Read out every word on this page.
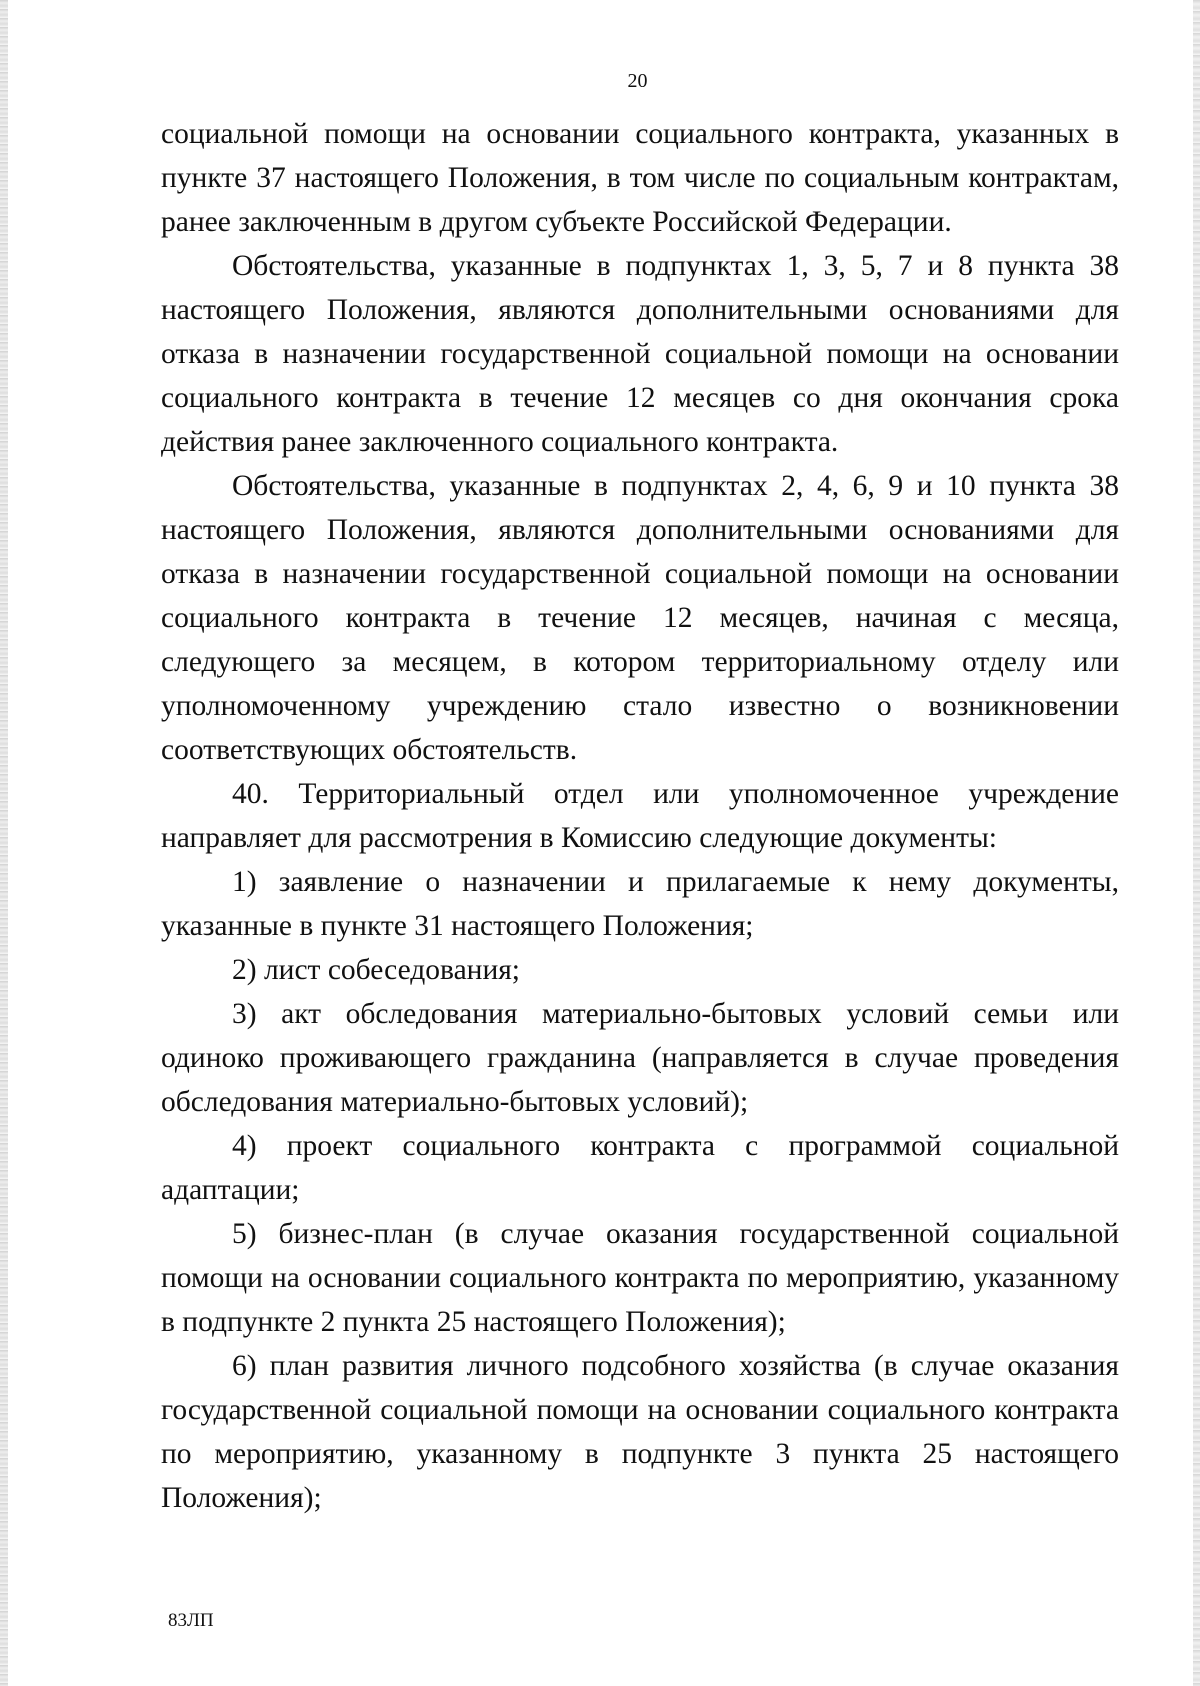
20

социальной помощи на основании социального контракта, указанных в пункте 37 настоящего Положения, в том числе по социальным контрактам, ранее заключенным в другом субъекте Российской Федерации.

Обстоятельства, указанные в подпунктах 1, 3, 5, 7 и 8 пункта 38 настоящего Положения, являются дополнительными основаниями для отказа в назначении государственной социальной помощи на основании социального контракта в течение 12 месяцев со дня окончания срока действия ранее заключенного социального контракта.

Обстоятельства, указанные в подпунктах 2, 4, 6, 9 и 10 пункта 38 настоящего Положения, являются дополнительными основаниями для отказа в назначении государственной социальной помощи на основании социального контракта в течение 12 месяцев, начиная с месяца, следующего за месяцем, в котором территориальному отделу или уполномоченному учреждению стало известно о возникновении соответствующих обстоятельств.

40. Территориальный отдел или уполномоченное учреждение направляет для рассмотрения в Комиссию следующие документы:

1) заявление о назначении и прилагаемые к нему документы, указанные в пункте 31 настоящего Положения;

2) лист собеседования;

3) акт обследования материально-бытовых условий семьи или одиноко проживающего гражданина (направляется в случае проведения обследования материально-бытовых условий);

4) проект социального контракта с программой социальной адаптации;

5) бизнес-план (в случае оказания государственной социальной помощи на основании социального контракта по мероприятию, указанному в подпункте 2 пункта 25 настоящего Положения);

6) план развития личного подсобного хозяйства (в случае оказания государственной социальной помощи на основании социального контракта по мероприятию, указанному в подпункте 3 пункта 25 настоящего Положения);

83ЛП
